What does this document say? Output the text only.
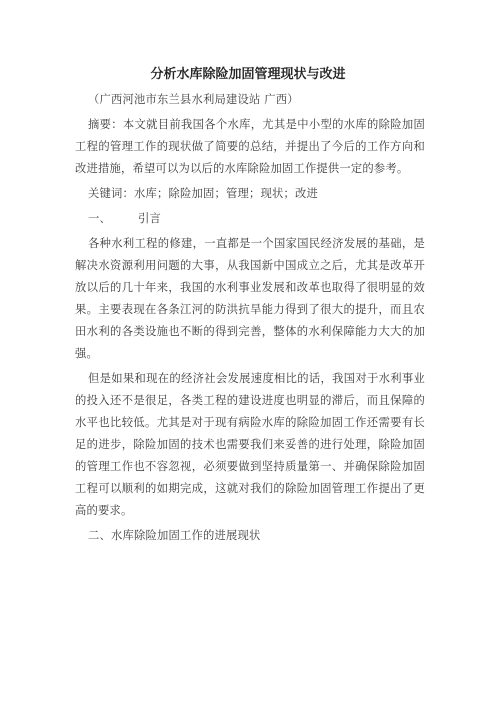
分析水库除险加固管理现状与改进

（广西河池市东兰县水利局建设站 广西）

摘要：本文就目前我国各个水库，尤其是中小型的水库的除险加固工程的管理工作的现状做了简要的总结，并提出了今后的工作方向和改进措施，希望可以为以后的水库除险加固工作提供一定的参考。

关键词：水库；除险加固；管理；现状；改进

一、	引言

各种水利工程的修建，一直都是一个国家国民经济发展的基础，是解决水资源利用问题的大事，从我国新中国成立之后，尤其是改革开放以后的几十年来，我国的水利事业发展和改革也取得了很明显的效果。主要表现在各条江河的防洪抗旱能力得到了很大的提升，而且农田水利的各类设施也不断的得到完善，整体的水利保障能力大大的加强。

但是如果和现在的经济社会发展速度相比的话，我国对于水利事业的投入还不是很足，各类工程的建设进度也明显的滞后，而且保障的水平也比较低。尤其是对于现有病险水库的除险加固工作还需要有长足的进步，除险加固的技术也需要我们来妥善的进行处理，除险加固的管理工作也不容忽视，必须要做到坚持质量第一、并确保除险加固工程可以顺利的如期完成，这就对我们的除险加固管理工作提出了更高的要求。

二、水库除险加固工作的进展现状
